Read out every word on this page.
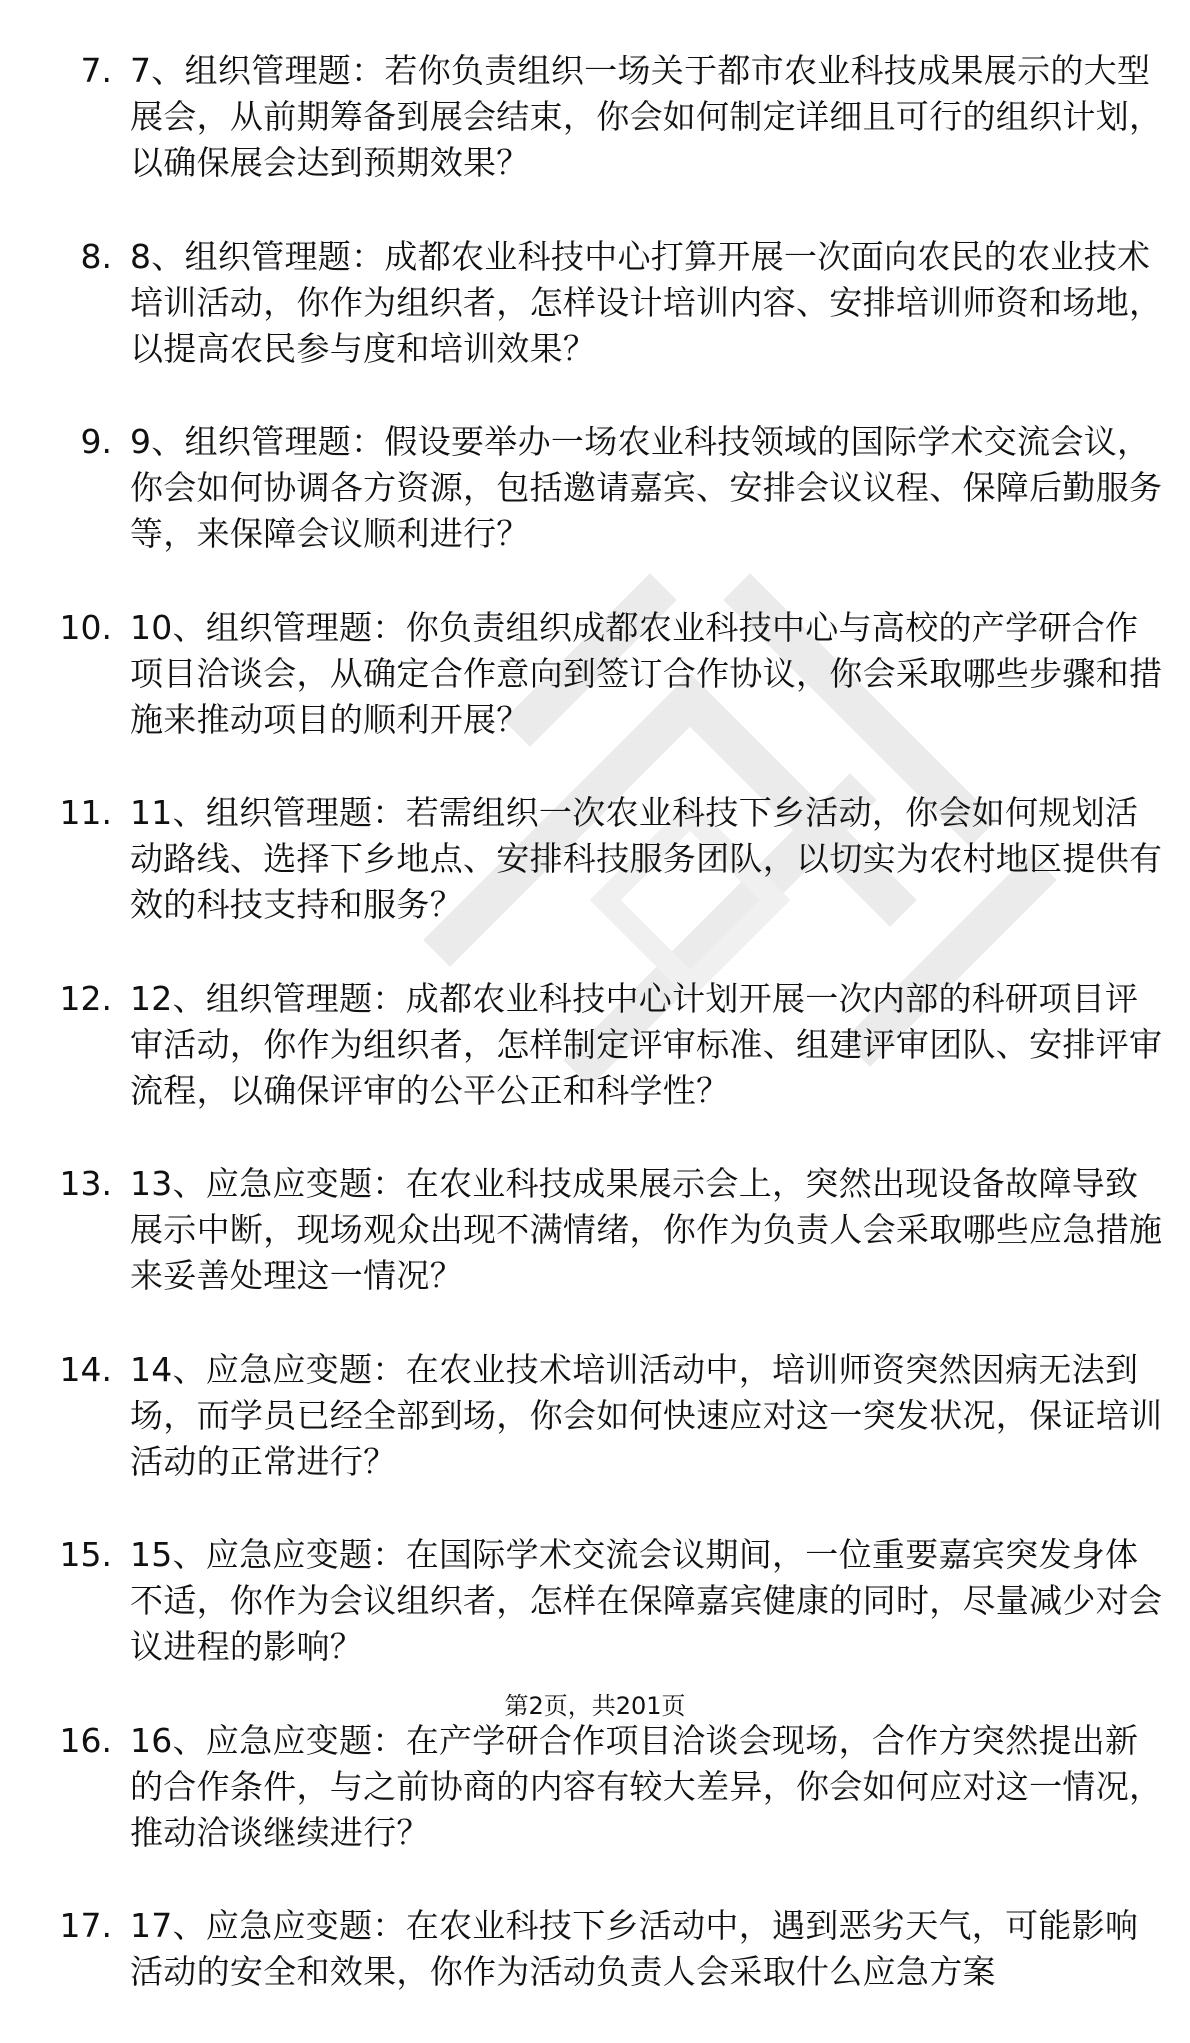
7. 7、组织管理题：若你负责组织一场关于都市农业科技成果展示的大型展会，从前期筹备到展会结束，你会如何制定详细且可行的组织计划，以确保展会达到预期效果？
8. 8、组织管理题：成都农业科技中心打算开展一次面向农民的农业技术培训活动，你作为组织者，怎样设计培训内容、安排培训师资和场地，以提高农民参与度和培训效果？
9. 9、组织管理题：假设要举办一场农业科技领域的国际学术交流会议，你会如何协调各方资源，包括邀请嘉宾、安排会议议程、保障后勤服务等，来保障会议顺利进行？
10. 10、组织管理题：你负责组织成都农业科技中心与高校的产学研合作项目洽谈会，从确定合作意向到签订合作协议，你会采取哪些步骤和措施来推动项目的顺利开展？
11. 11、组织管理题：若需组织一次农业科技下乡活动，你会如何规划活动路线、选择下乡地点、安排科技服务团队，以切实为农村地区提供有效的科技支持和服务？
12. 12、组织管理题：成都农业科技中心计划开展一次内部的科研项目评审活动，你作为组织者，怎样制定评审标准、组建评审团队、安排评审流程，以确保评审的公平公正和科学性？
13. 13、应急应变题：在农业科技成果展示会上，突然出现设备故障导致展示中断，现场观众出现不满情绪，你作为负责人会采取哪些应急措施来妥善处理这一情况？
14. 14、应急应变题：在农业技术培训活动中，培训师资突然因病无法到场，而学员已经全部到场，你会如何快速应对这一突发状况，保证培训活动的正常进行？
15. 15、应急应变题：在国际学术交流会议期间，一位重要嘉宾突发身体不适，你作为会议组织者，怎样在保障嘉宾健康的同时，尽量减少对会议进程的影响？
16. 16、应急应变题：在产学研合作项目洽谈会现场，合作方突然提出新的合作条件，与之前协商的内容有较大差异，你会如何应对这一情况，推动洽谈继续进行？
17. 17、应急应变题：在农业科技下乡活动中，遇到恶劣天气，可能影响活动的安全和效果，你作为活动负责人会采取什么应急方案
第2页，共201页
